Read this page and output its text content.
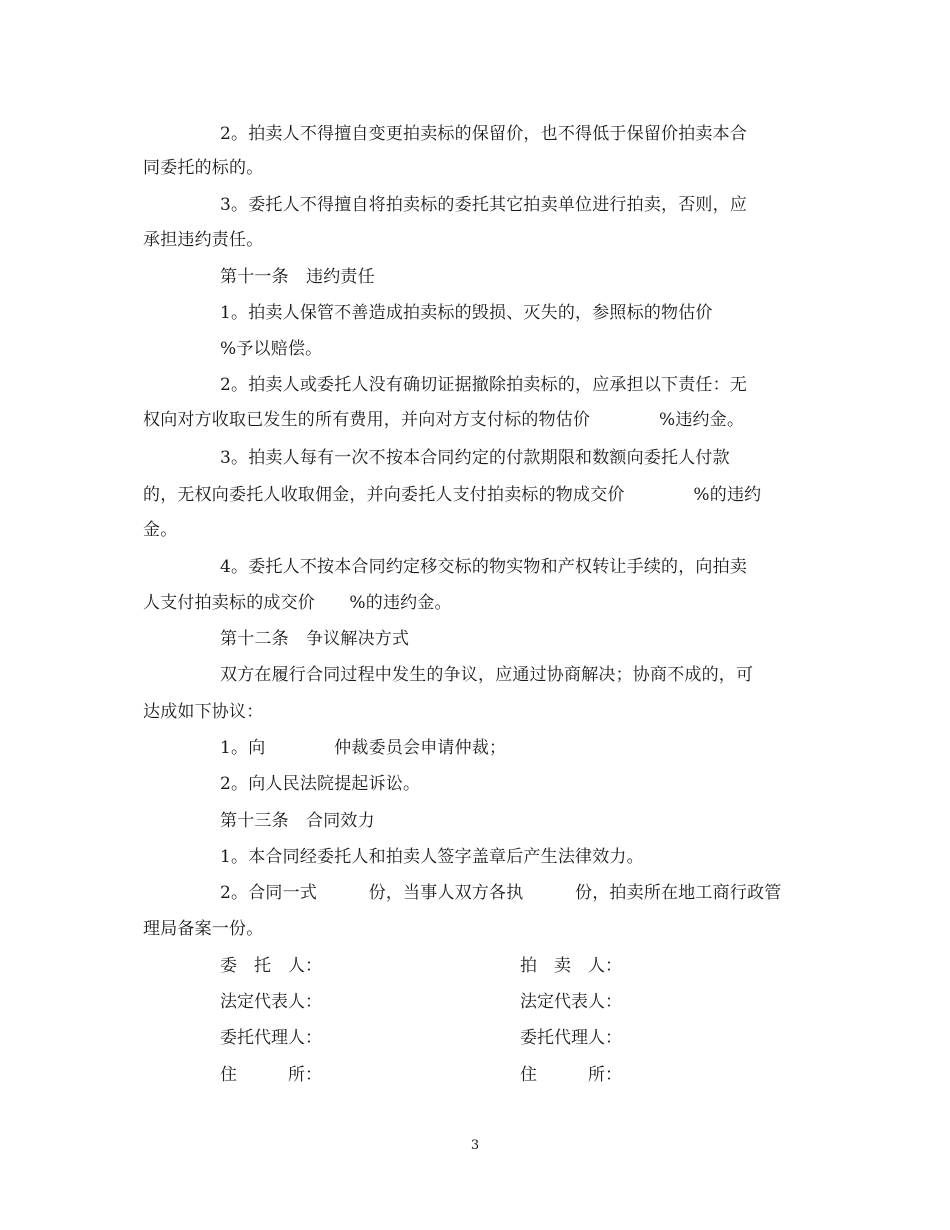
2。拍卖人不得擅自变更拍卖标的保留价，也不得低于保留价拍卖本合
同委托的标的。
3。委托人不得擅自将拍卖标的委托其它拍卖单位进行拍卖，否则，应
承担违约责任。
第十一条　违约责任
1。拍卖人保管不善造成拍卖标的毁损、灭失的，参照标的物估价
%予以赔偿。
2。拍卖人或委托人没有确切证据撤除拍卖标的，应承担以下责任：无
权向对方收取已发生的所有费用，并向对方支付标的物估价　　　　%违约金。
3。拍卖人每有一次不按本合同约定的付款期限和数额向委托人付款
的，无权向委托人收取佣金，并向委托人支付拍卖标的物成交价　　　　%的违约
金。
4。委托人不按本合同约定移交标的物实物和产权转让手续的，向拍卖
人支付拍卖标的成交价　　%的违约金。
第十二条　争议解决方式
双方在履行合同过程中发生的争议，应通过协商解决；协商不成的，可
达成如下协议：
1。向　　　　仲裁委员会申请仲裁；
2。向人民法院提起诉讼。
第十三条　合同效力
1。本合同经委托人和拍卖人签字盖章后产生法律效力。
2。合同一式　　　份，当事人双方各执　　　份，拍卖所在地工商行政管
理局备案一份。
委　托　人：	拍　卖　人：
法定代表人：	法定代表人：
委托代理人：	委托代理人：
住　　　所：	住　　　所：
3
